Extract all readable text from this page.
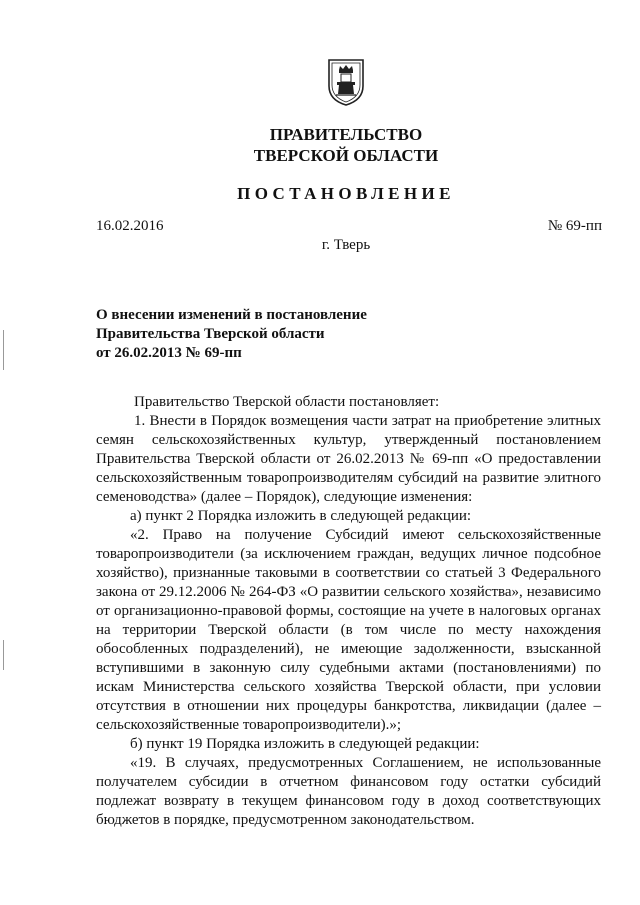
ПРАВИТЕЛЬСТВО
ТВЕРСКОЙ ОБЛАСТИ
ПОСТАНОВЛЕНИЕ
16.02.2016	№ 69-пп
г. Тверь
О внесении изменений в постановление
Правительства Тверской области
от 26.02.2013 № 69-пп

Правительство Тверской области постановляет:

1. Внести в Порядок возмещения части затрат на приобретение элитных семян сельскохозяйственных культур, утвержденный постановлением Правительства Тверской области от 26.02.2013 № 69-пп «О предоставлении сельскохозяйственным товаропроизводителям субсидий на развитие элитного семеноводства» (далее – Порядок), следующие изменения:

а) пункт 2 Порядка изложить в следующей редакции:

«2. Право на получение Субсидий имеют сельскохозяйственные товаропроизводители (за исключением граждан, ведущих личное подсобное хозяйство), признанные таковыми в соответствии со статьей 3 Федерального закона от 29.12.2006 № 264-ФЗ «О развитии сельского хозяйства», независимо от организационно-правовой формы, состоящие на учете в налоговых органах на территории Тверской области (в том числе по месту нахождения обособленных подразделений), не имеющие задолженности, взысканной вступившими в законную силу судебными актами (постановлениями) по искам Министерства сельского хозяйства Тверской области, при условии отсутствия в отношении них процедуры банкротства, ликвидации (далее – сельскохозяйственные товаропроизводители).»;

б) пункт 19 Порядка изложить в следующей редакции:

«19. В случаях, предусмотренных Соглашением, не использованные получателем субсидии в отчетном финансовом году остатки субсидий подлежат возврату в текущем финансовом году в доход соответствующих бюджетов в порядке, предусмотренном законодательством.
